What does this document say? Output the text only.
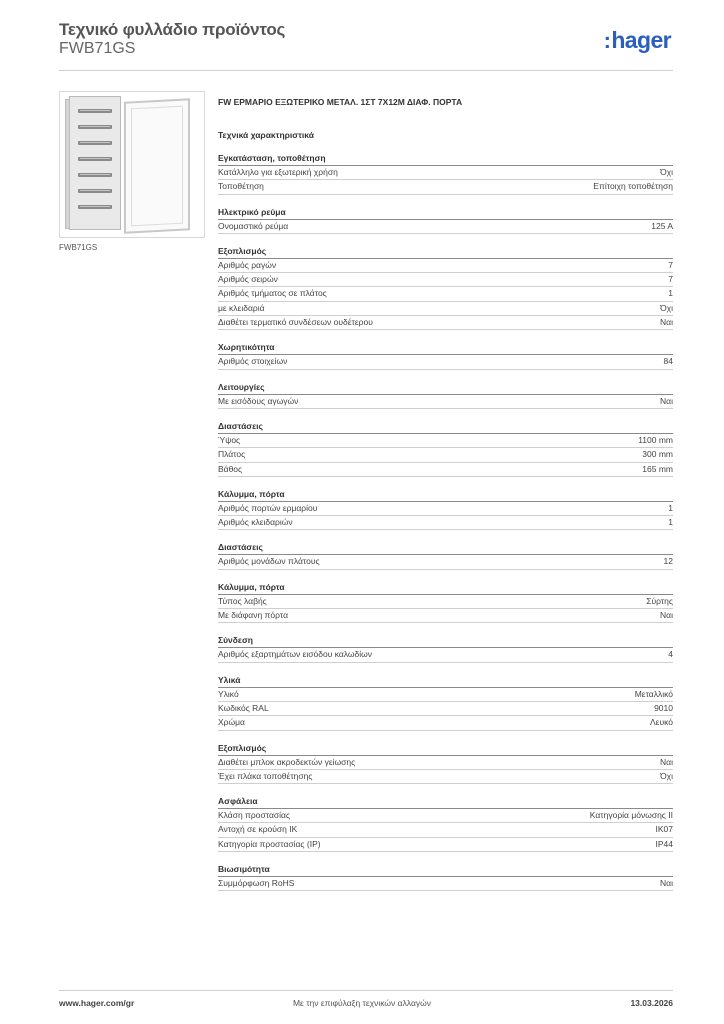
Τεχνικό φυλλάδιο προϊόντος
FWB71GS	:hager
FWB71GS
FW ΕΡΜΑΡΙΟ ΕΞΩΤΕΡΙΚΟ ΜΕΤΑΛ. 1ΣΤ 7Χ12Μ ΔΙΑΦ. ΠΟΡΤΑ
Τεχνικά χαρακτηριστικά
Εγκατάσταση, τοποθέτηση
Κατάλληλο για εξωτερική χρήση	Όχι
Τοποθέτηση	Επίτοιχη τοποθέτηση
Ηλεκτρικό ρεύμα
Ονομαστικό ρεύμα	125 A
Εξοπλισμός
Αριθμός ραγών	7
Αριθμός σειρών	7
Αριθμός τμήματος σε πλάτος	1
με κλειδαριά	Όχι
Διαθέτει τερματικό συνδέσεων ουδέτερου	Ναι
Χωρητικότητα
Αριθμός στοιχείων	84
Λειτουργίες
Με εισόδους αγωγών	Ναι
Διαστάσεις
Ύψος	1100 mm
Πλάτος	300 mm
Βάθος	165 mm
Κάλυμμα, πόρτα
Αριθμός πορτών ερμαρίου	1
Αριθμός κλειδαριών	1
Διαστάσεις
Αριθμός μονάδων πλάτους	12
Κάλυμμα, πόρτα
Τύπος λαβής	Σύρτης
Με διάφανη πόρτα	Ναι
Σύνδεση
Αριθμός εξαρτημάτων εισόδου καλωδίων	4
Υλικά
Υλικό	Μεταλλικό
Κωδικός RAL	9010
Χρώμα	Λευκό
Εξοπλισμός
Διαθέτει μπλοκ ακροδεκτών γείωσης	Ναι
Έχει πλάκα τοποθέτησης	Όχι
Ασφάλεια
Κλάση προστασίας	Κατηγορία μόνωσης II
Αντοχή σε κρούση IK	IK07
Κατηγορία προστασίας (IP)	IP44
Βιωσιμότητα
Συμμόρφωση RoHS	Ναι
www.hager.com/gr	Με την επιφύλαξη τεχνικών αλλαγών	13.03.2026
